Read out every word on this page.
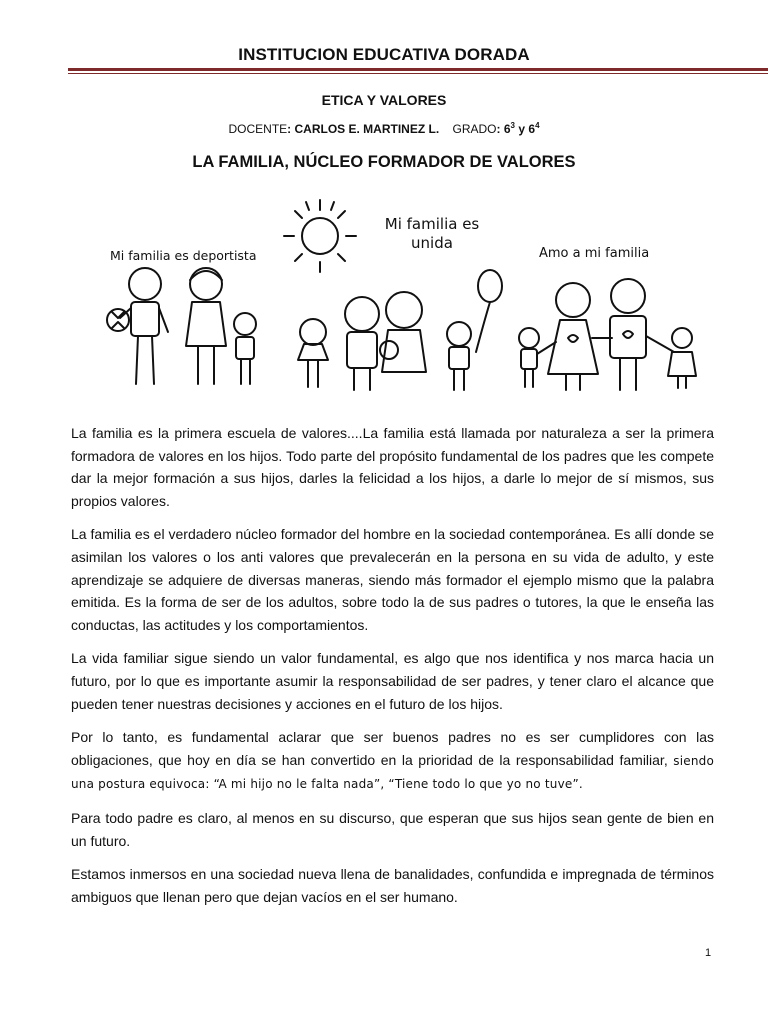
INSTITUCION EDUCATIVA DORADA
ETICA Y VALORES
DOCENTE: CARLOS E. MARTINEZ L. GRADO: $6^3$ y $6^4$
LA FAMILIA, NÚCLEO FORMADOR DE VALORES
Mi familia es deportista
Mi familia es
unida
Amo a mi familia

La familia es la primera escuela de valores....La familia está llamada por naturaleza a ser la primera formadora de valores en los hijos. Todo parte del propósito fundamental de los padres que les compete dar la mejor formación a sus hijos, darles la felicidad a los hijos, a darle lo mejor de sí mismos, sus propios valores.

La familia es el verdadero núcleo formador del hombre en la sociedad contemporánea. Es allí donde se asimilan los valores o los anti valores que prevalecerán en la persona en su vida de adulto, y este aprendizaje se adquiere de diversas maneras, siendo más formador el ejemplo mismo que la palabra emitida. Es la forma de ser de los adultos, sobre todo la de sus padres o tutores, la que le enseña las conductas, las actitudes y los comportamientos.

La vida familiar sigue siendo un valor fundamental, es algo que nos identifica y nos marca hacia un futuro, por lo que es importante asumir la responsabilidad de ser padres, y tener claro el alcance que pueden tener nuestras decisiones y acciones en el futuro de los hijos.

Por lo tanto, es fundamental aclarar que ser buenos padres no es ser cumplidores con las obligaciones, que hoy en día se han convertido en la prioridad de la responsabilidad familiar, siendo una postura equivoca: “A mi hijo no le falta nada”, “Tiene todo lo que yo no tuve”.

Para todo padre es claro, al menos en su discurso, que esperan que sus hijos sean gente de bien en un futuro.

Estamos inmersos en una sociedad nueva llena de banalidades, confundida e impregnada de términos ambiguos que llenan pero que dejan vacíos en el ser humano.

1
